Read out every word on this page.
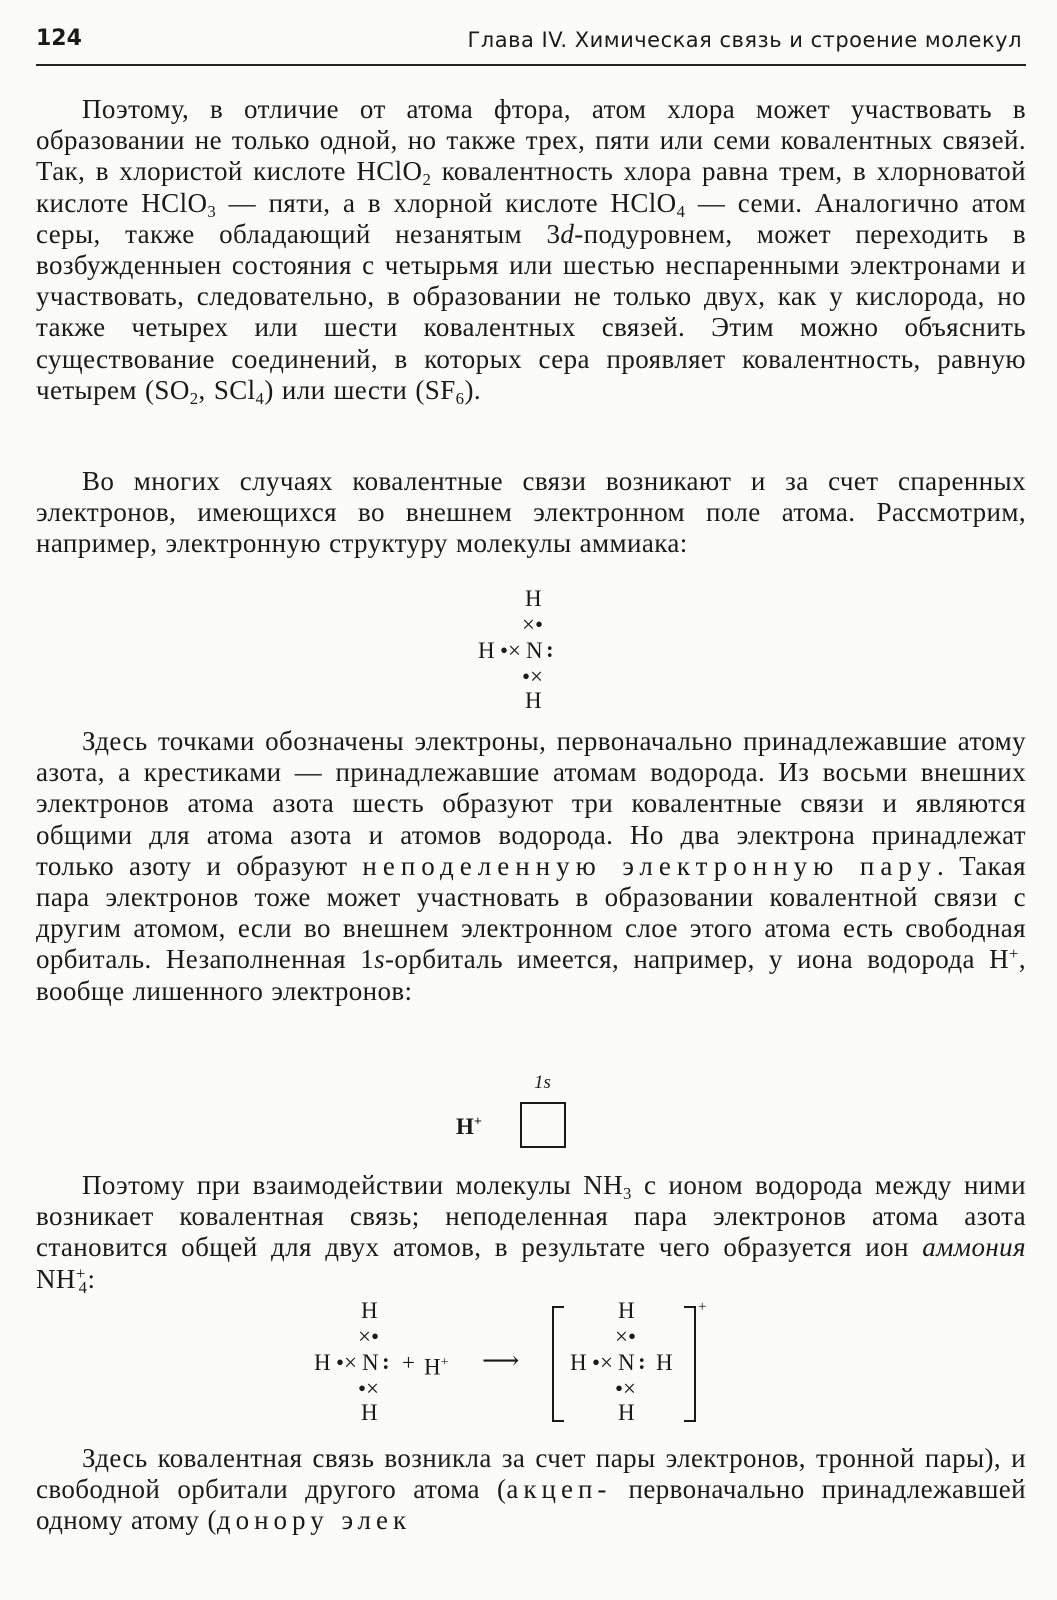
124	Глава IV. Химическая связь и строение молекул

Поэтому, в отличие от атома фтора, атом хлора может участвовать в образовании не только одной, но также трех, пяти или семи ковалентных связей. Так, в хлористой кислоте HClO$_2$ ковалентность хлора равна трем, в хлорноватой кислоте HClO$_3$ — пяти, а в хлорной кислоте HClO$_4$ — семи. Аналогично атом серы, также обладающий незанятым 3d-подуровнем, может переходить в возбужденныен состояния с четырьмя или шестью неспаренными электронами и участвовать, следовательно, в образовании не только двух, как у кислорода, но также четырех или шести ковалентных связей. Этим можно объяснить существование соединений, в которых сера проявляет ковалентность, равную четырем ($SO_2$, SCl$_4$) или шести $(SF_6)$.

Во многих случаях ковалентные связи возникают и за счет спаренных электронов, имеющихся во внешнем электронном поле атома. Рассмотрим, например, электронную структуру молекулы аммиака:

H
×•
H •× N :
•×
H

Здесь точками обозначены электроны, первоначально принадлежавшие атому азота, а крестиками — принадлежавшие атомам водорода. Из восьми внешних электронов атома азота шесть образуют три ковалентные связи и являются общими для атома азота и атомов водорода. Но два электрона принадлежат только азоту и образуют неподеленную электронную пару. Такая пара электронов тоже может участновать в образовании ковалентной связи с другим атомом, если во внешнем электронном слое этого атома есть свободная орбиталь. Незаполненная 1s-орбиталь имеется, например, у иона водорода H+, вообще лишенного электронов:

1s
H+

Поэтому при взаимодействии молекулы $NH_3$ с ионом водорода между ними возникает ковалентная связь; неподеленная пара электронов атома азота становится общей для двух атомов, в результате чего образуется ион аммония $NH^+_4$:

H
×•
H •× N :
•×
H
+ H+ ⟶
+
H
×•
H •× N : H
•×
H

Здесь ковалентная связь возникла за счет пары электронов, тронной пары), и свободной орбитали другого атома (акцеп- первоначально принадлежавшей одному атому (донору элек
